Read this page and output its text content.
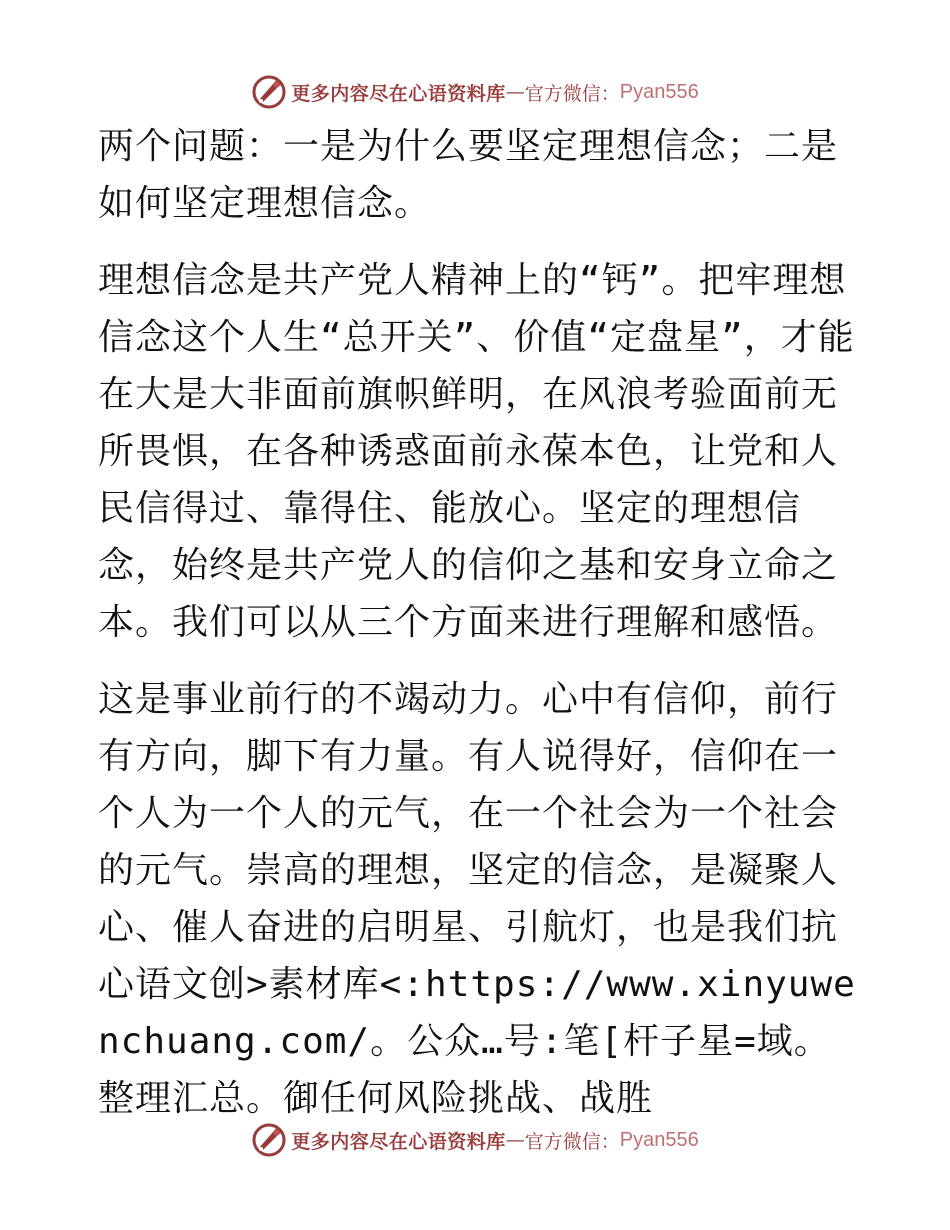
更多内容尽在心语资料库 — 官方微信： Pyan556

两个问题：一是为什么要坚定理想信念；二是如何坚定理想信念。

理想信念是共产党人精神上的“钙”。把牢理想信念这个人生“总开关”、价值“定盘星”，才能在大是大非面前旗帜鲜明，在风浪考验面前无所畏惧，在各种诱惑面前永葆本色，让党和人民信得过、靠得住、能放心。坚定的理想信念，始终是共产党人的信仰之基和安身立命之本。我们可以从三个方面来进行理解和感悟。

这是事业前行的不竭动力。心中有信仰，前行有方向，脚下有力量。有人说得好，信仰在一个人为一个人的元气，在一个社会为一个社会的元气。崇高的理想，坚定的信念，是凝聚人心、催人奋进的启明星、引航灯，也是我们抗心语文创>素材库<:https://www.xinyuwenchuang.com/。公众…号:笔[杆子星=域。整理汇总。御任何风险挑战、战胜

更多内容尽在心语资料库 — 官方微信： Pyan556
